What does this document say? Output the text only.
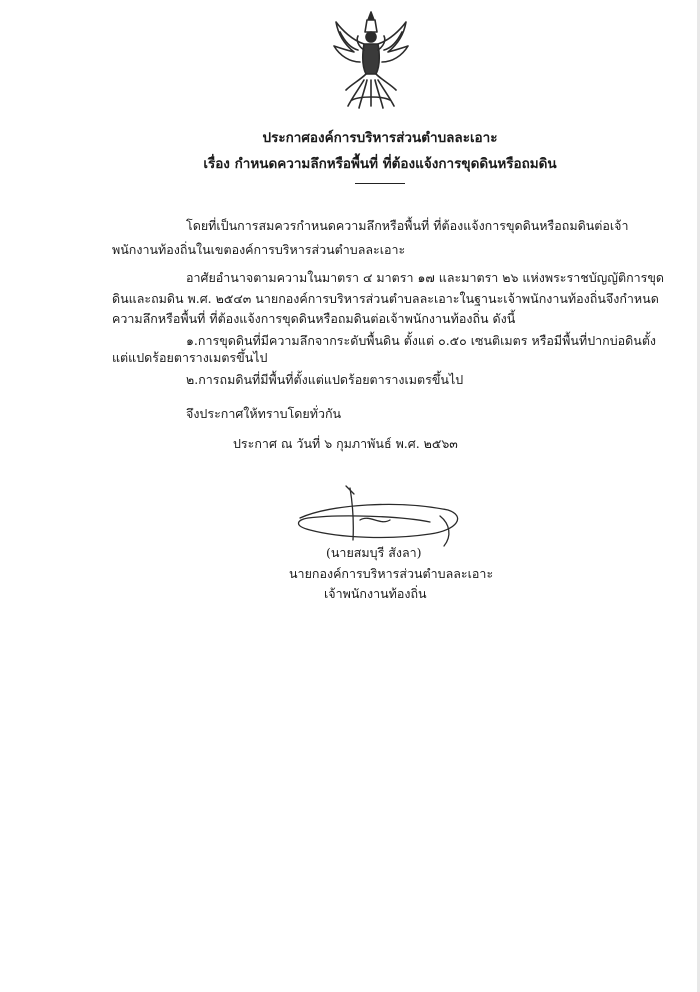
ประกาศองค์การบริหารส่วนตำบลละเอาะ
เรื่อง กำหนดความลึกหรือพื้นที่ ที่ต้องแจ้งการขุดดินหรือถมดิน
โดยที่เป็นการสมควรกำหนดความลึกหรือพื้นที่ ที่ต้องแจ้งการขุดดินหรือถมดินต่อเจ้า
พนักงานท้องถิ่นในเขตองค์การบริหารส่วนตำบลละเอาะ
อาศัยอำนาจตามความในมาตรา ๔ มาตรา ๑๗ และมาตรา ๒๖ แห่งพระราชบัญญัติการขุด
ดินและถมดิน พ.ศ. ๒๕๔๓ นายกองค์การบริหารส่วนตำบลละเอาะในฐานะเจ้าพนักงานท้องถิ่นจึงกำหนด
ความลึกหรือพื้นที่ ที่ต้องแจ้งการขุดดินหรือถมดินต่อเจ้าพนักงานท้องถิ่น ดังนี้
๑.การขุดดินที่มีความลึกจากระดับพื้นดิน ตั้งแต่ ๐.๕๐ เซนติเมตร หรือมีพื้นที่ปากบ่อดินตั้ง
แต่แปดร้อยตารางเมตรขึ้นไป
๒.การถมดินที่มีพื้นที่ตั้งแต่แปดร้อยตารางเมตรขึ้นไป
จึงประกาศให้ทราบโดยทั่วกัน
ประกาศ ณ วันที่ ๖ กุมภาพันธ์ พ.ศ. ๒๕๖๓
(นายสมบุรี สังลา)
นายกองค์การบริหารส่วนตำบลละเอาะ
เจ้าพนักงานท้องถิ่น
